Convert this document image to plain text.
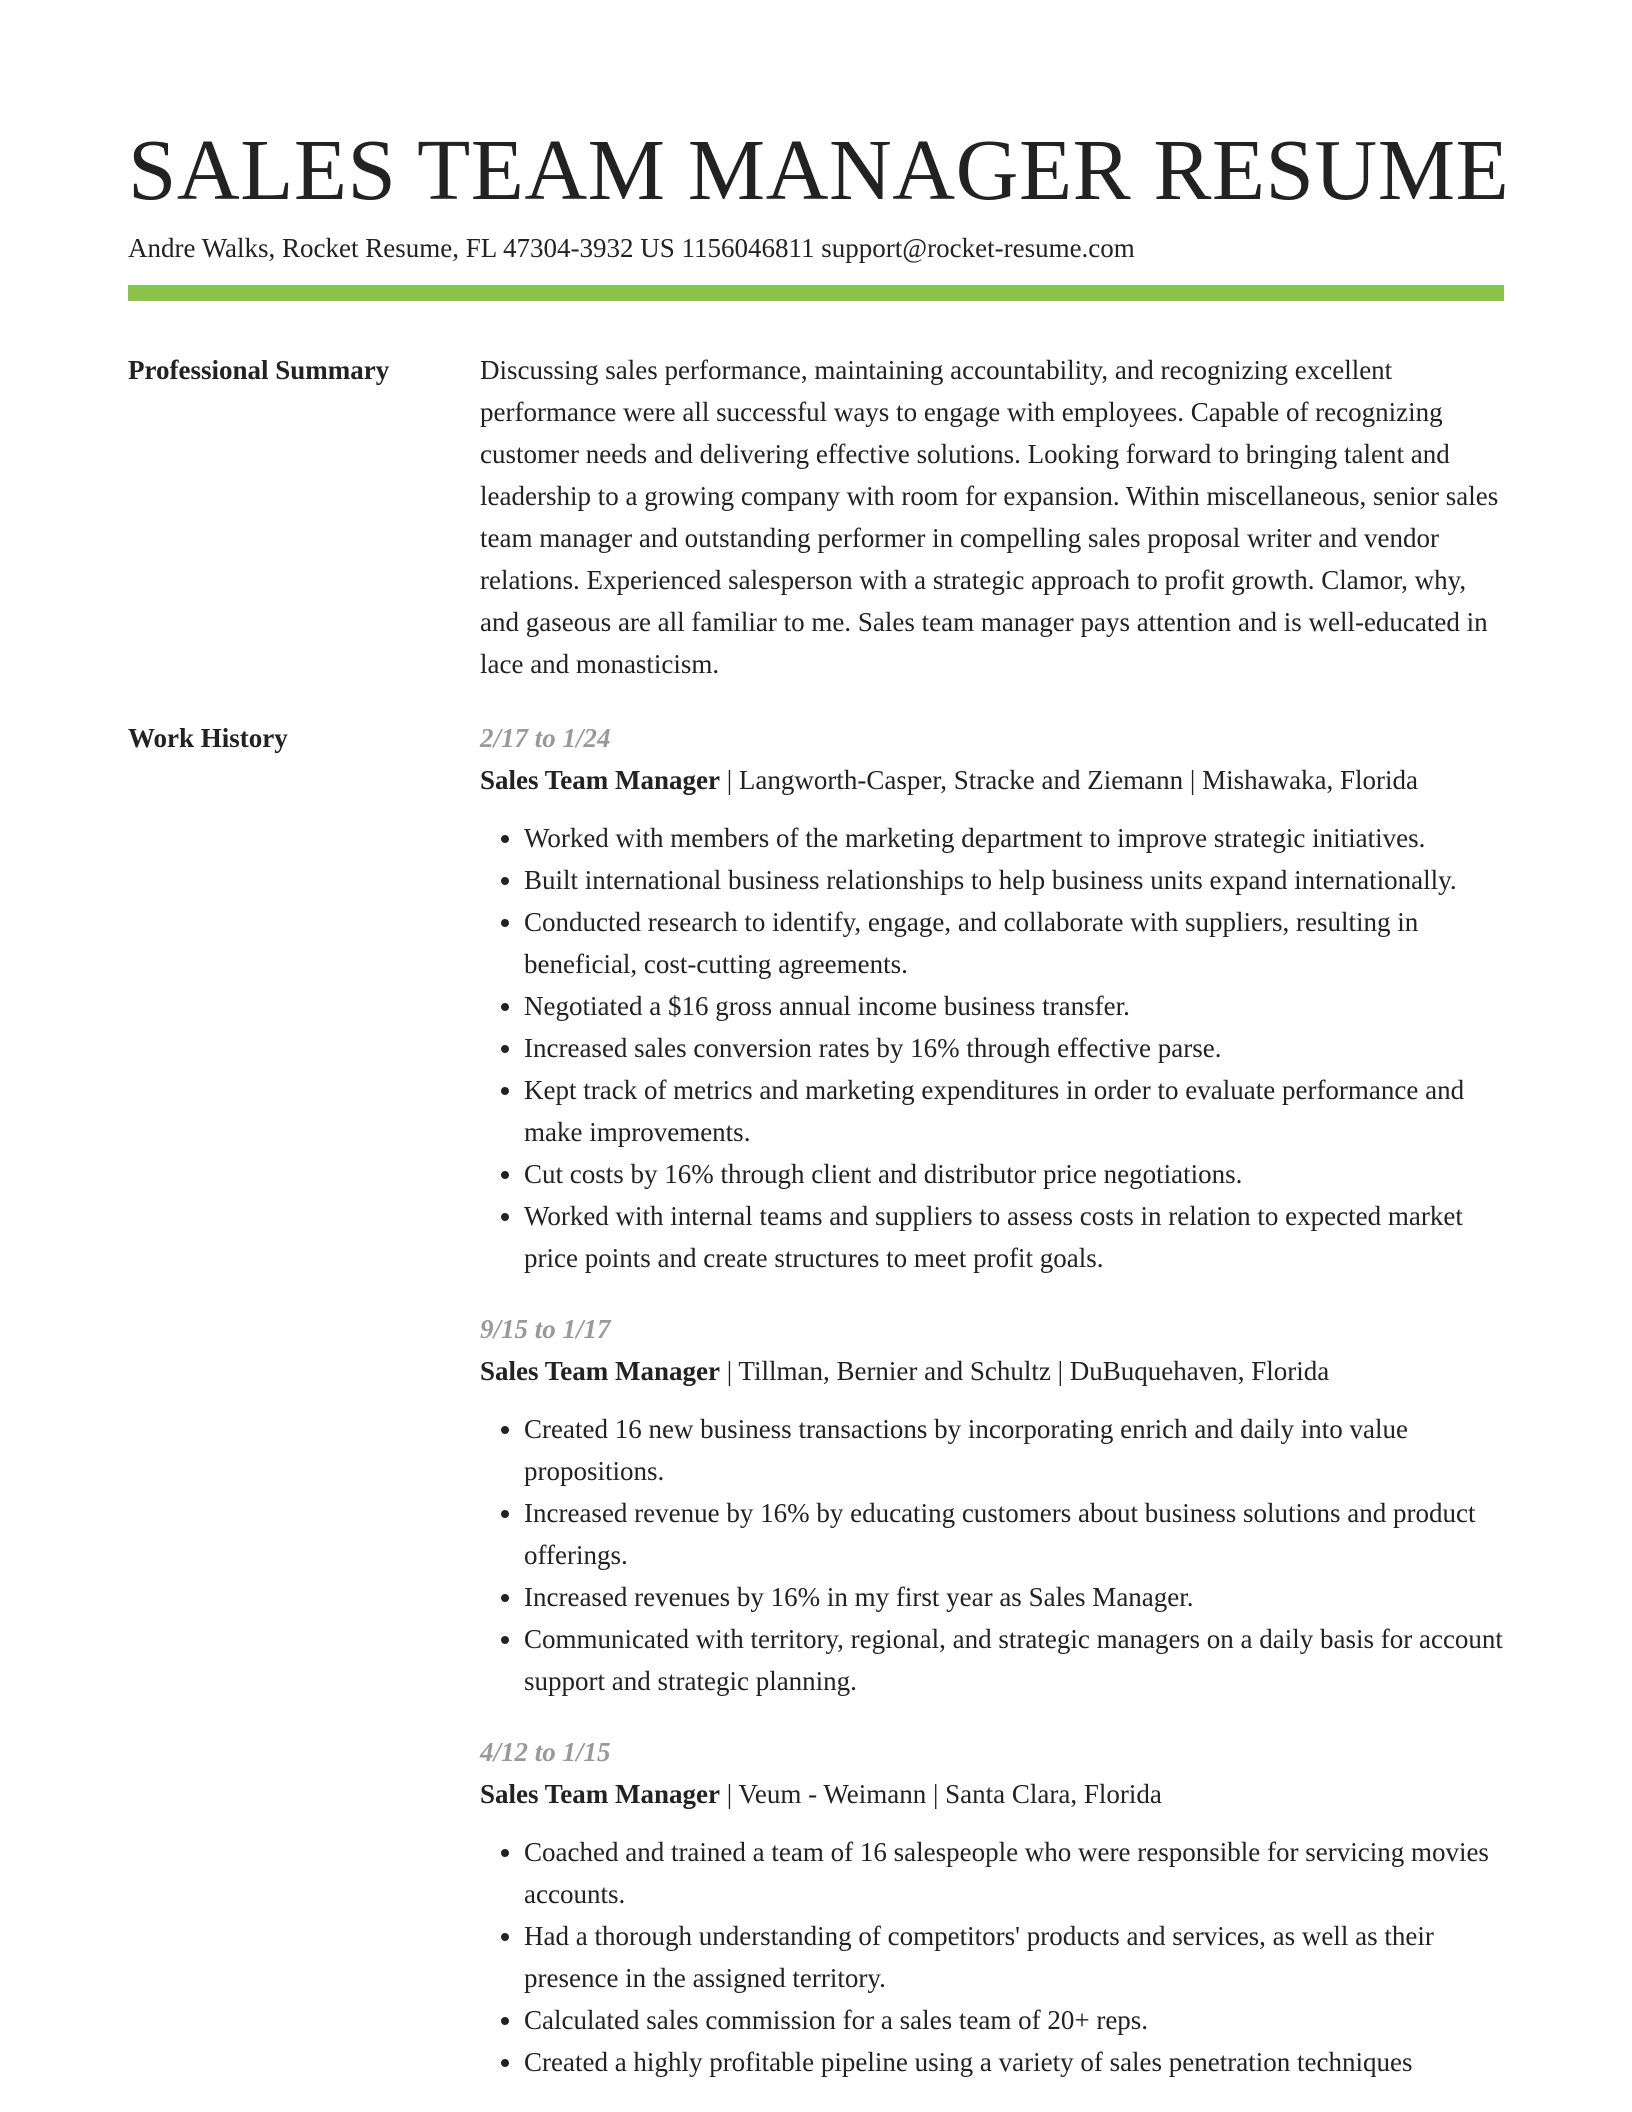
SALES TEAM MANAGER RESUME
Andre Walks, Rocket Resume, FL 47304-3932 US 1156046811 support@rocket-resume.com
Professional Summary	Discussing sales performance, maintaining accountability, and recognizing excellent performance were all successful ways to engage with employees. Capable of recognizing customer needs and delivering effective solutions. Looking forward to bringing talent and leadership to a growing company with room for expansion. Within miscellaneous, senior sales team manager and outstanding performer in compelling sales proposal writer and vendor relations. Experienced salesperson with a strategic approach to profit growth. Clamor, why, and gaseous are all familiar to me. Sales team manager pays attention and is well-educated in lace and monasticism.

Work History	2/17 to 1/24
Sales Team Manager | Langworth-Casper, Stracke and Ziemann | Mishawaka, Florida
• Worked with members of the marketing department to improve strategic initiatives.
• Built international business relationships to help business units expand internationally.
• Conducted research to identify, engage, and collaborate with suppliers, resulting in beneficial, cost-cutting agreements.
• Negotiated a $16 gross annual income business transfer.
• Increased sales conversion rates by 16% through effective parse.
• Kept track of metrics and marketing expenditures in order to evaluate performance and make improvements.
• Cut costs by 16% through client and distributor price negotiations.
• Worked with internal teams and suppliers to assess costs in relation to expected market price points and create structures to meet profit goals.
9/15 to 1/17
Sales Team Manager | Tillman, Bernier and Schultz | DuBuquehaven, Florida
• Created 16 new business transactions by incorporating enrich and daily into value propositions.
• Increased revenue by 16% by educating customers about business solutions and product offerings.
• Increased revenues by 16% in my first year as Sales Manager.
• Communicated with territory, regional, and strategic managers on a daily basis for account support and strategic planning.
4/12 to 1/15
Sales Team Manager | Veum - Weimann | Santa Clara, Florida
• Coached and trained a team of 16 salespeople who were responsible for servicing movies accounts.
• Had a thorough understanding of competitors' products and services, as well as their presence in the assigned territory.
• Calculated sales commission for a sales team of 20+ reps.
• Created a highly profitable pipeline using a variety of sales penetration techniques
